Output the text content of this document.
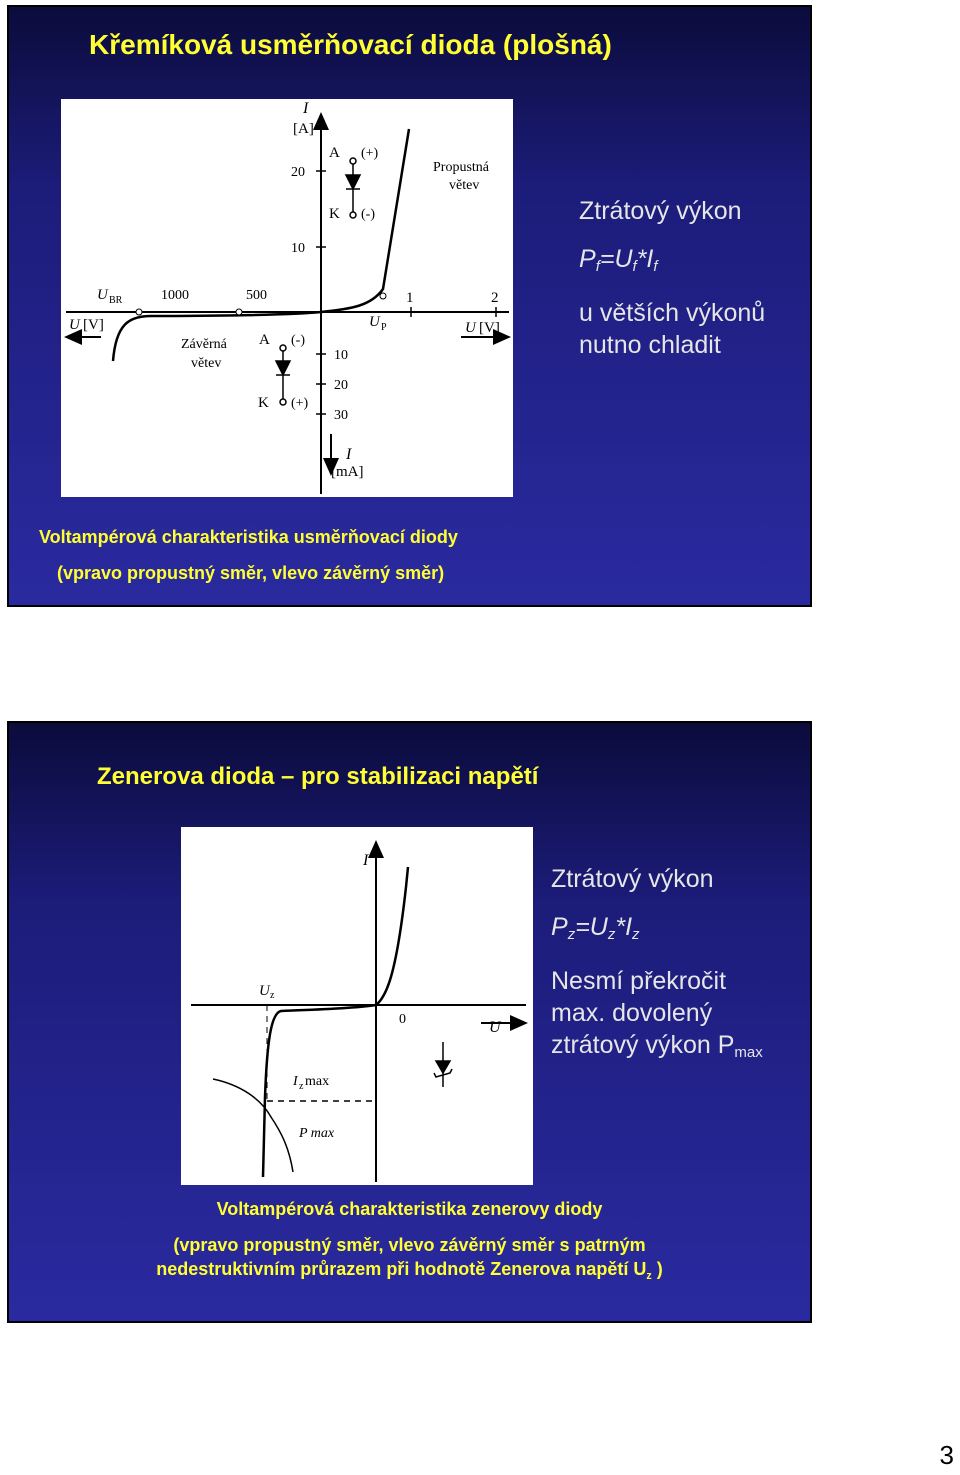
Křemíková usměrňovací dioda (plošná)
I
[A]
20
10
10
20
30
1	2
1000	500
I
[mA]
U [V]	U [V]
U BR
U P
A
K
(+)
(-)
A
K
(-)
(+)
Propustná
větev
Závěrná
větev
Ztrátový výkon
$P_f=U_f*I_f$
u větších výkonů
nutno chladit
Voltampérová charakteristika usměrňovací diody
(vpravo propustný směr, vlevo závěrný směr)
Zenerova dioda – pro stabilizaci napětí
I
U
0
U z
I z max
P max
Ztrátový výkon
$P_z=U_z*I_z$
Nesmí překročit
max. dovolený
ztrátový výkon $P_{max}$
Voltampérová charakteristika zenerovy diody
(vpravo propustný směr, vlevo závěrný směr s patrným
nedestruktivním průrazem při hodnotě Zenerova napětí $U_z$ )
3
